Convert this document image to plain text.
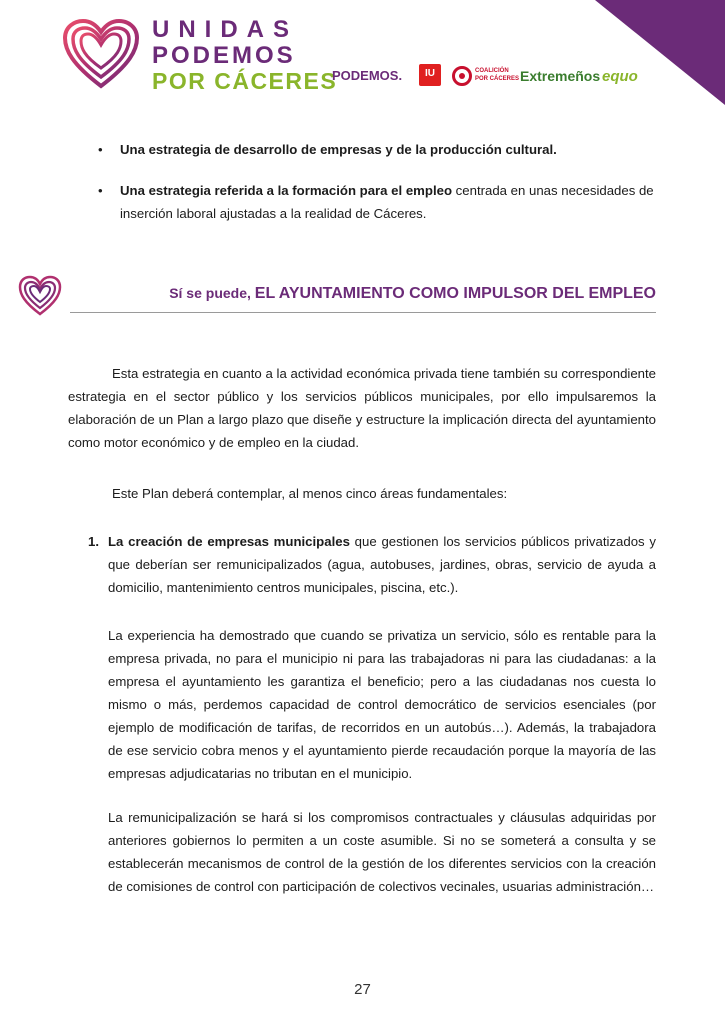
UNIDAS
PODEMOS
POR CÁCERES
PODEMOS.	IU	COALICIÓN
POR CÁCERES Extremeños equo
• Una estrategia de desarrollo de empresas y de la producción cultural.
• Una estrategia referida a la formación para el empleo centrada en unas necesidades de inserción laboral ajustadas a la realidad de Cáceres.
Sí se puede, EL AYUNTAMIENTO COMO IMPULSOR DEL EMPLEO
Esta estrategia en cuanto a la actividad económica privada tiene también su correspondiente estrategia en el sector público y los servicios públicos municipales, por ello impulsaremos la elaboración de un Plan a largo plazo que diseñe y estructure la implicación directa del ayuntamiento como motor económico y de empleo en la ciudad.
Este Plan deberá contemplar, al menos cinco áreas fundamentales:
1. La creación de empresas municipales que gestionen los servicios públicos privatizados y que deberían ser remunicipalizados (agua, autobuses, jardines, obras, servicio de ayuda a domicilio, mantenimiento centros municipales, piscina, etc.).
La experiencia ha demostrado que cuando se privatiza un servicio, sólo es rentable para la empresa privada, no para el municipio ni para las trabajadoras ni para las ciudadanas: a la empresa el ayuntamiento les garantiza el beneficio; pero a las ciudadanas nos cuesta lo mismo o más, perdemos capacidad de control democrático de servicios esenciales (por ejemplo de modificación de tarifas, de recorridos en un autobús…). Además, la trabajadora de ese servicio cobra menos y el ayuntamiento pierde recaudación porque la mayoría de las empresas adjudicatarias no tributan en el municipio.
La remunicipalización se hará si los compromisos contractuales y cláusulas adquiridas por anteriores gobiernos lo permiten a un coste asumible. Si no se someterá a consulta y se establecerán mecanismos de control de la gestión de los diferentes servicios con la creación de comisiones de control con participación de colectivos vecinales, usuarias administración…
27
